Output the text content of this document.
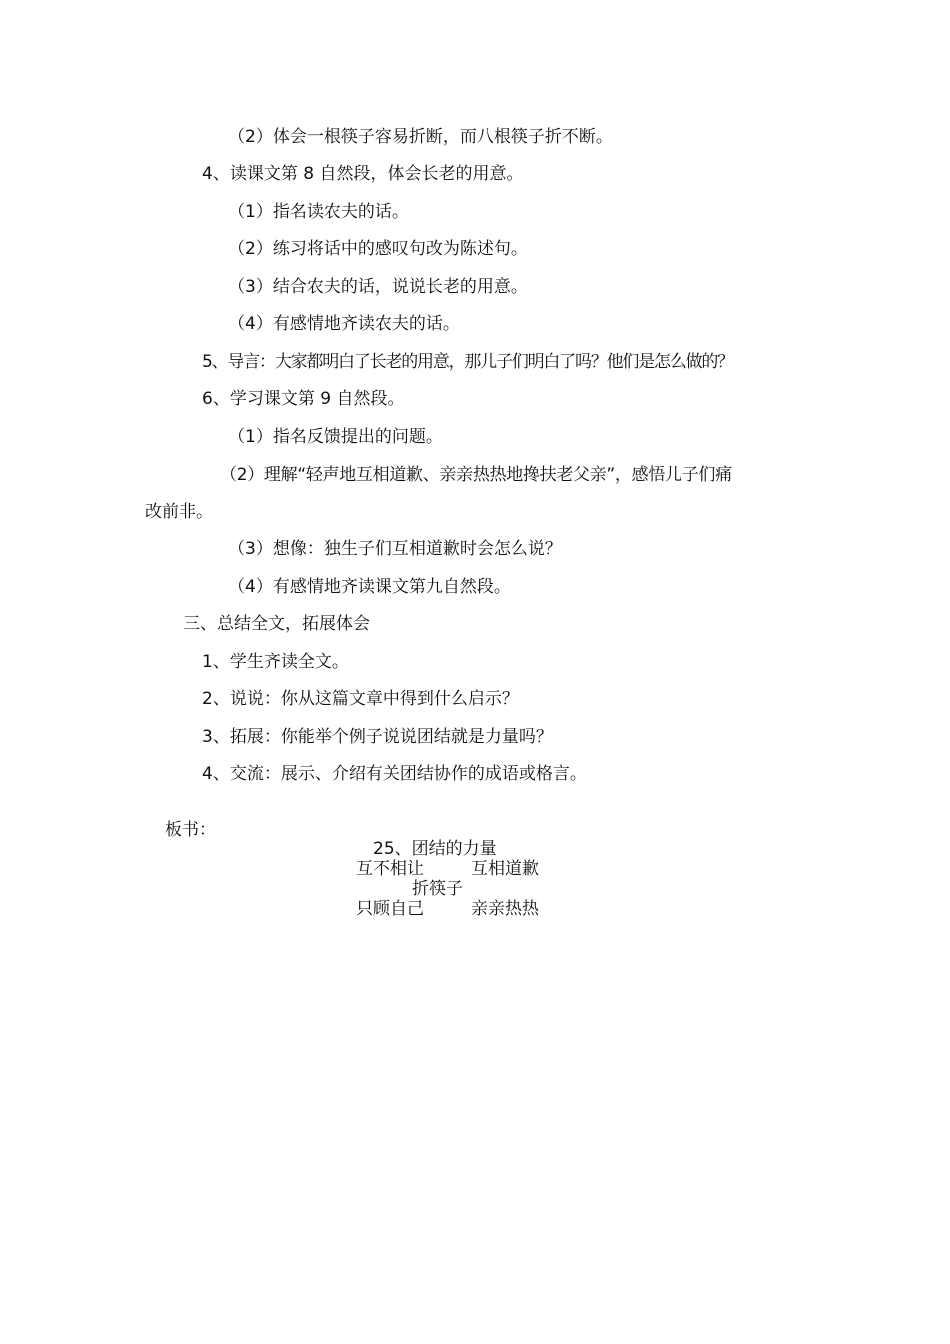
（2）体会一根筷子容易折断，而八根筷子折不断。
4、读课文第 8 自然段，体会长老的用意。
（1）指名读农夫的话。
（2）练习将话中的感叹句改为陈述句。
（3）结合农夫的话，说说长老的用意。
（4）有感情地齐读农夫的话。
5、导言：大家都明白了长老的用意，那儿子们明白了吗？他们是怎么做的？
6、学习课文第 9 自然段。
（1）指名反馈提出的问题。
（2）理解“轻声地互相道歉、亲亲热热地搀扶老父亲”，感悟儿子们痛
改前非。
（3）想像：独生子们互相道歉时会怎么说？
（4）有感情地齐读课文第九自然段。
三、总结全文，拓展体会
1、学生齐读全文。
2、说说：你从这篇文章中得到什么启示？
3、拓展：你能举个例子说说团结就是力量吗？
4、交流：展示、介绍有关团结协作的成语或格言。
板书：
25、团结的力量
互不相让	互相道歉
折筷子
只顾自己	亲亲热热
